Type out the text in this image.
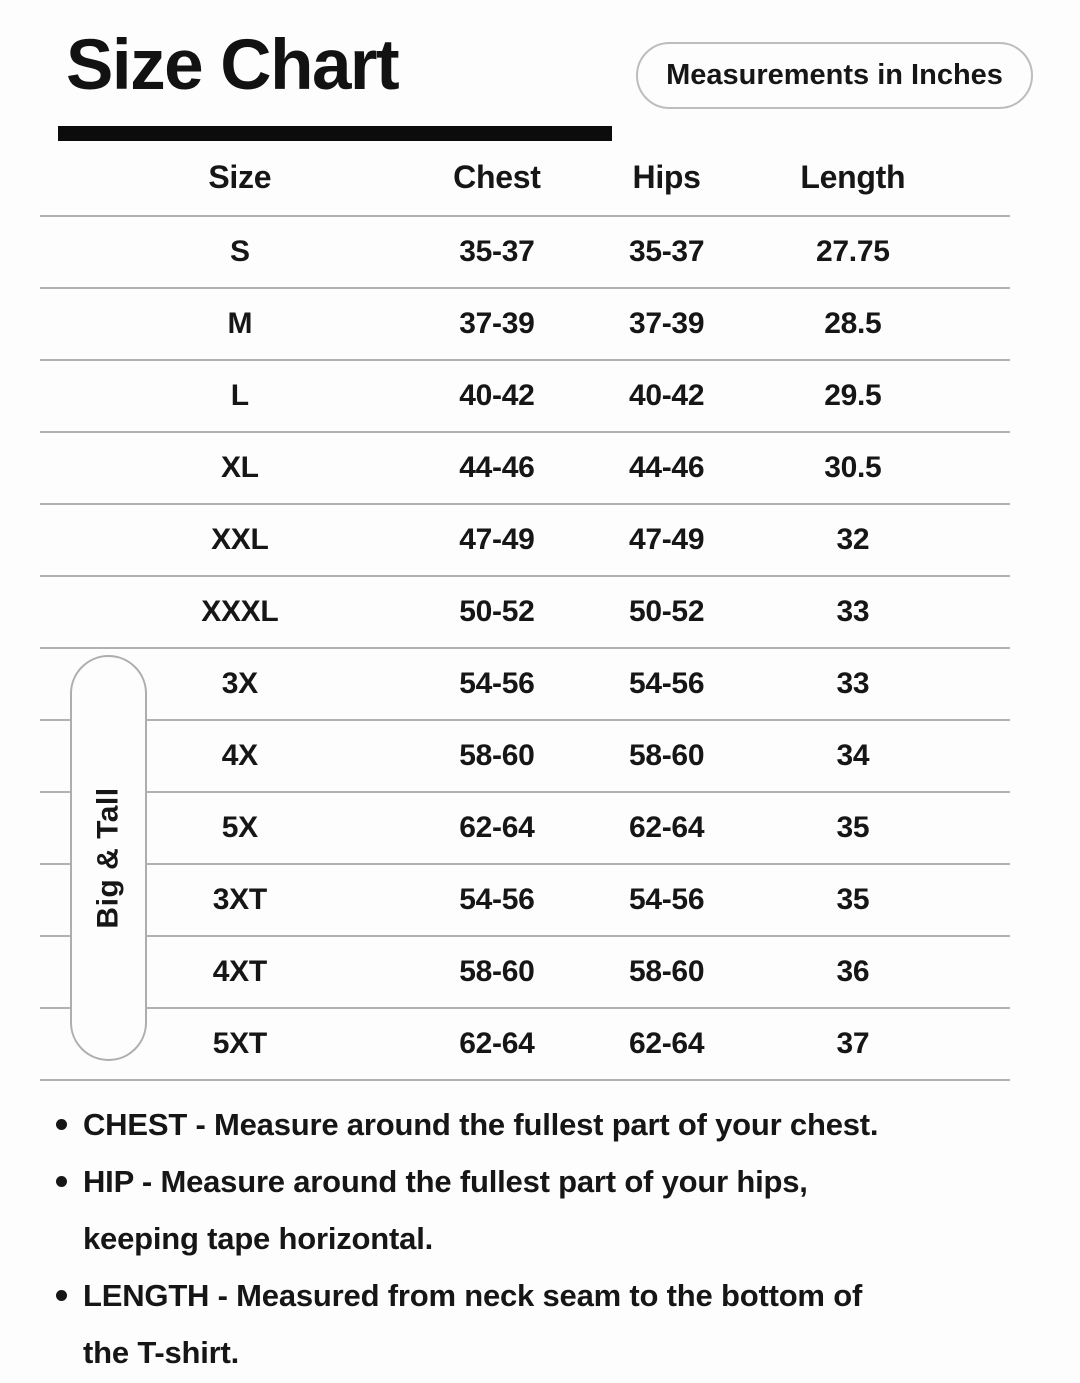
Size Chart	Measurements in Inches
Size	Chest	Hips	Length
S	35-37	35-37	27.75
M	37-39	37-39	28.5
L	40-42	40-42	29.5
XL	44-46	44-46	30.5
XXL	47-49	47-49	32
XXXL	50-52	50-52	33
3X	54-56	54-56	33
4X	58-60	58-60	34
5X	62-64	62-64	35
3XT	54-56	54-56	35
4XT	58-60	58-60	36
5XT	62-64	62-64	37
Big & Tall
CHEST - Measure around the fullest part of your chest.
HIP - Measure around the fullest part of your hips,
keeping tape horizontal.
LENGTH - Measured from neck seam to the bottom of
the T-shirt.
